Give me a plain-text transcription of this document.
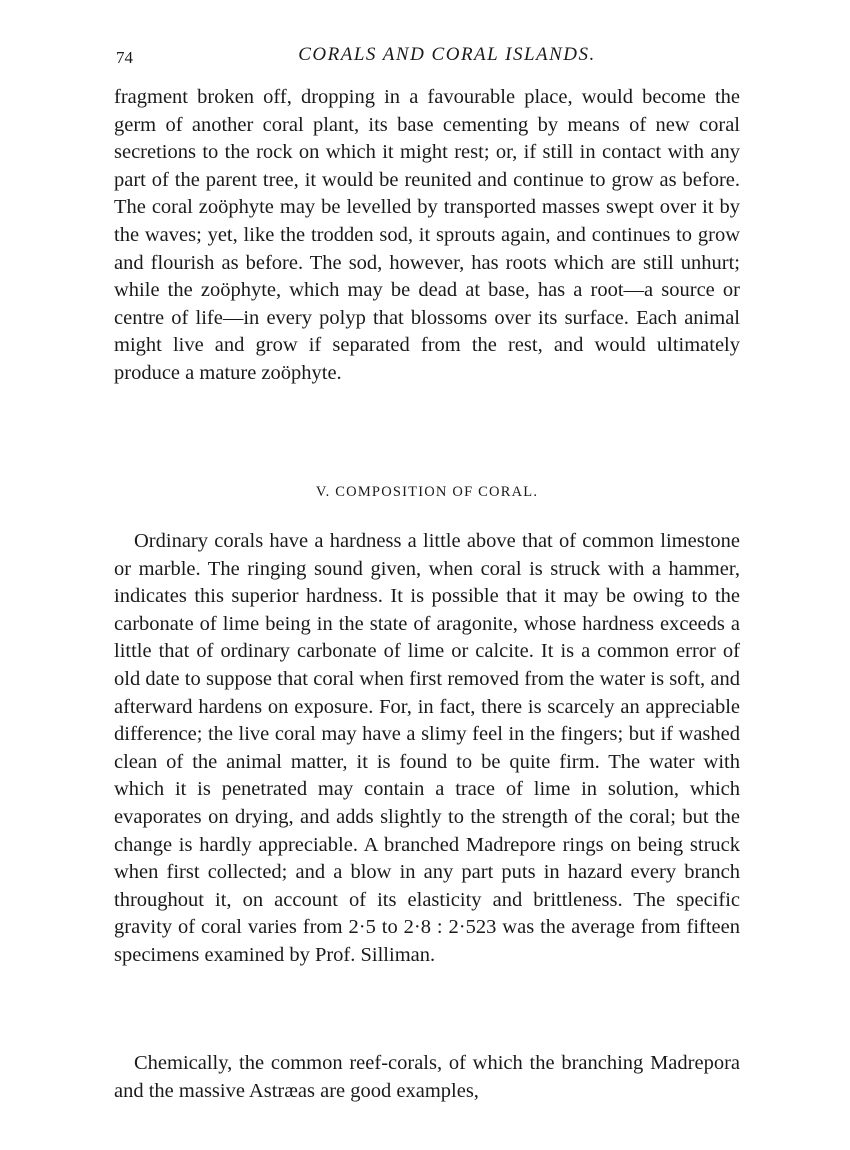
74	CORALS AND CORAL ISLANDS.

fragment broken off, dropping in a favourable place, would become the germ of another coral plant, its base cementing by means of new coral secretions to the rock on which it might rest; or, if still in contact with any part of the parent tree, it would be reunited and continue to grow as before. The coral zoöphyte may be levelled by transported masses swept over it by the waves; yet, like the trodden sod, it sprouts again, and continues to grow and flourish as before. The sod, however, has roots which are still unhurt; while the zoöphyte, which may be dead at base, has a root—a source or centre of life—in every polyp that blossoms over its surface. Each animal might live and grow if separated from the rest, and would ultimately produce a mature zoöphyte.

V. COMPOSITION OF CORAL.

Ordinary corals have a hardness a little above that of common limestone or marble. The ringing sound given, when coral is struck with a hammer, indicates this superior hardness. It is possible that it may be owing to the carbonate of lime being in the state of aragonite, whose hardness exceeds a little that of ordinary carbonate of lime or calcite. It is a common error of old date to suppose that coral when first removed from the water is soft, and afterward hardens on exposure. For, in fact, there is scarcely an appreciable difference; the live coral may have a slimy feel in the fingers; but if washed clean of the animal matter, it is found to be quite firm. The water with which it is penetrated may contain a trace of lime in solution, which evaporates on drying, and adds slightly to the strength of the coral; but the change is hardly appreciable. A branched Madrepore rings on being struck when first collected; and a blow in any part puts in hazard every branch throughout it, on account of its elasticity and brittleness. The specific gravity of coral varies from 2·5 to 2·8 : 2·523 was the average from fifteen specimens examined by Prof. Silliman.

Chemically, the common reef-corals, of which the branching Madrepora and the massive Astræas are good examples,
